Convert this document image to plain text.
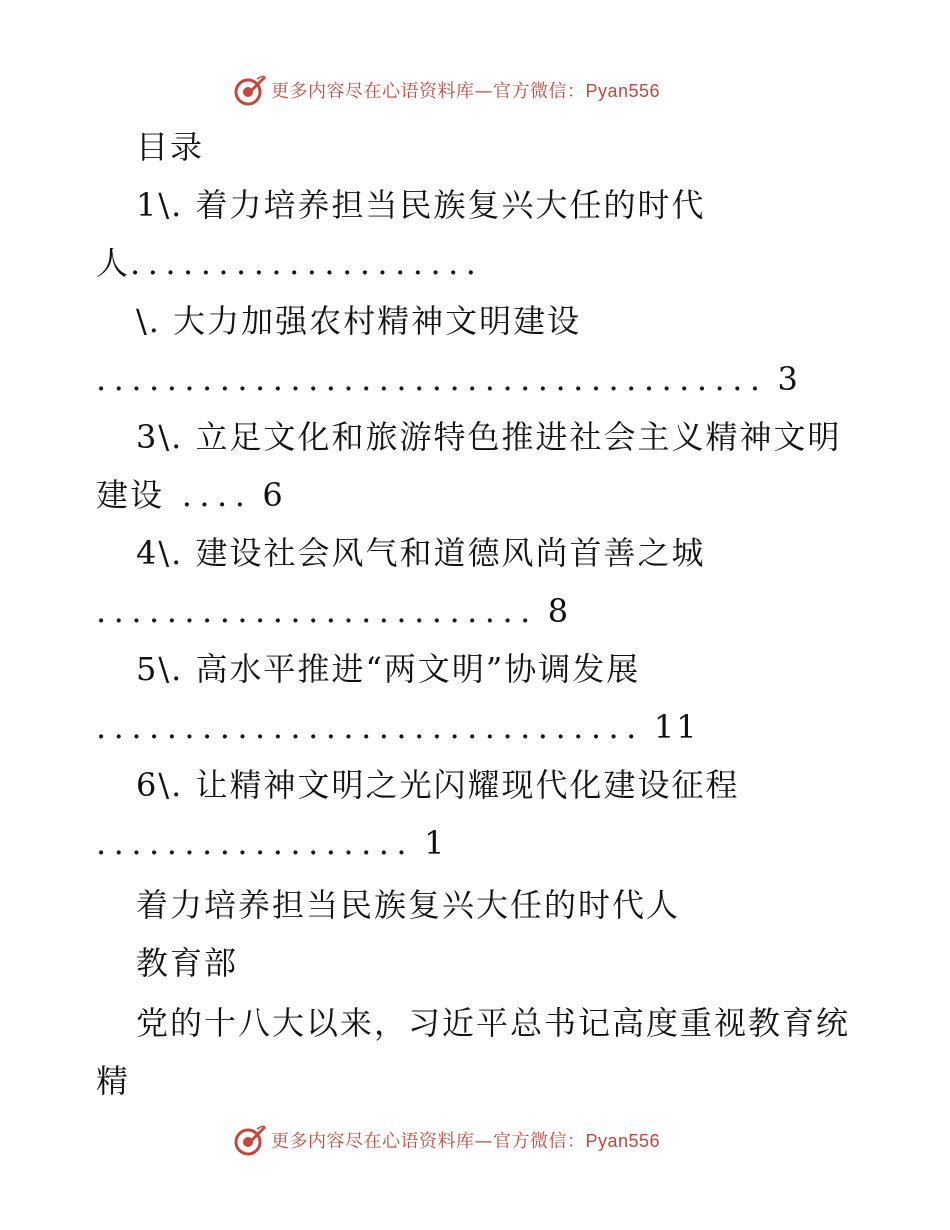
更多内容尽在心语资料库—官方微信：Pyan556
目录
1\. 着力培养担当民族复兴大任的时代
人....................
\. 大力加强农村精神文明建设
...................................... 3
3\. 立足文化和旅游特色推进社会主义精神文明
建设 .... 6
4\. 建设社会风气和道德风尚首善之城
......................... 8
5\. 高水平推进“两文明”协调发展
............................... 11
6\. 让精神文明之光闪耀现代化建设征程
.................. 1
着力培养担当民族复兴大任的时代人
教育部
党的十八大以来，习近平总书记高度重视教育统
精
更多内容尽在心语资料库—官方微信：Pyan556
